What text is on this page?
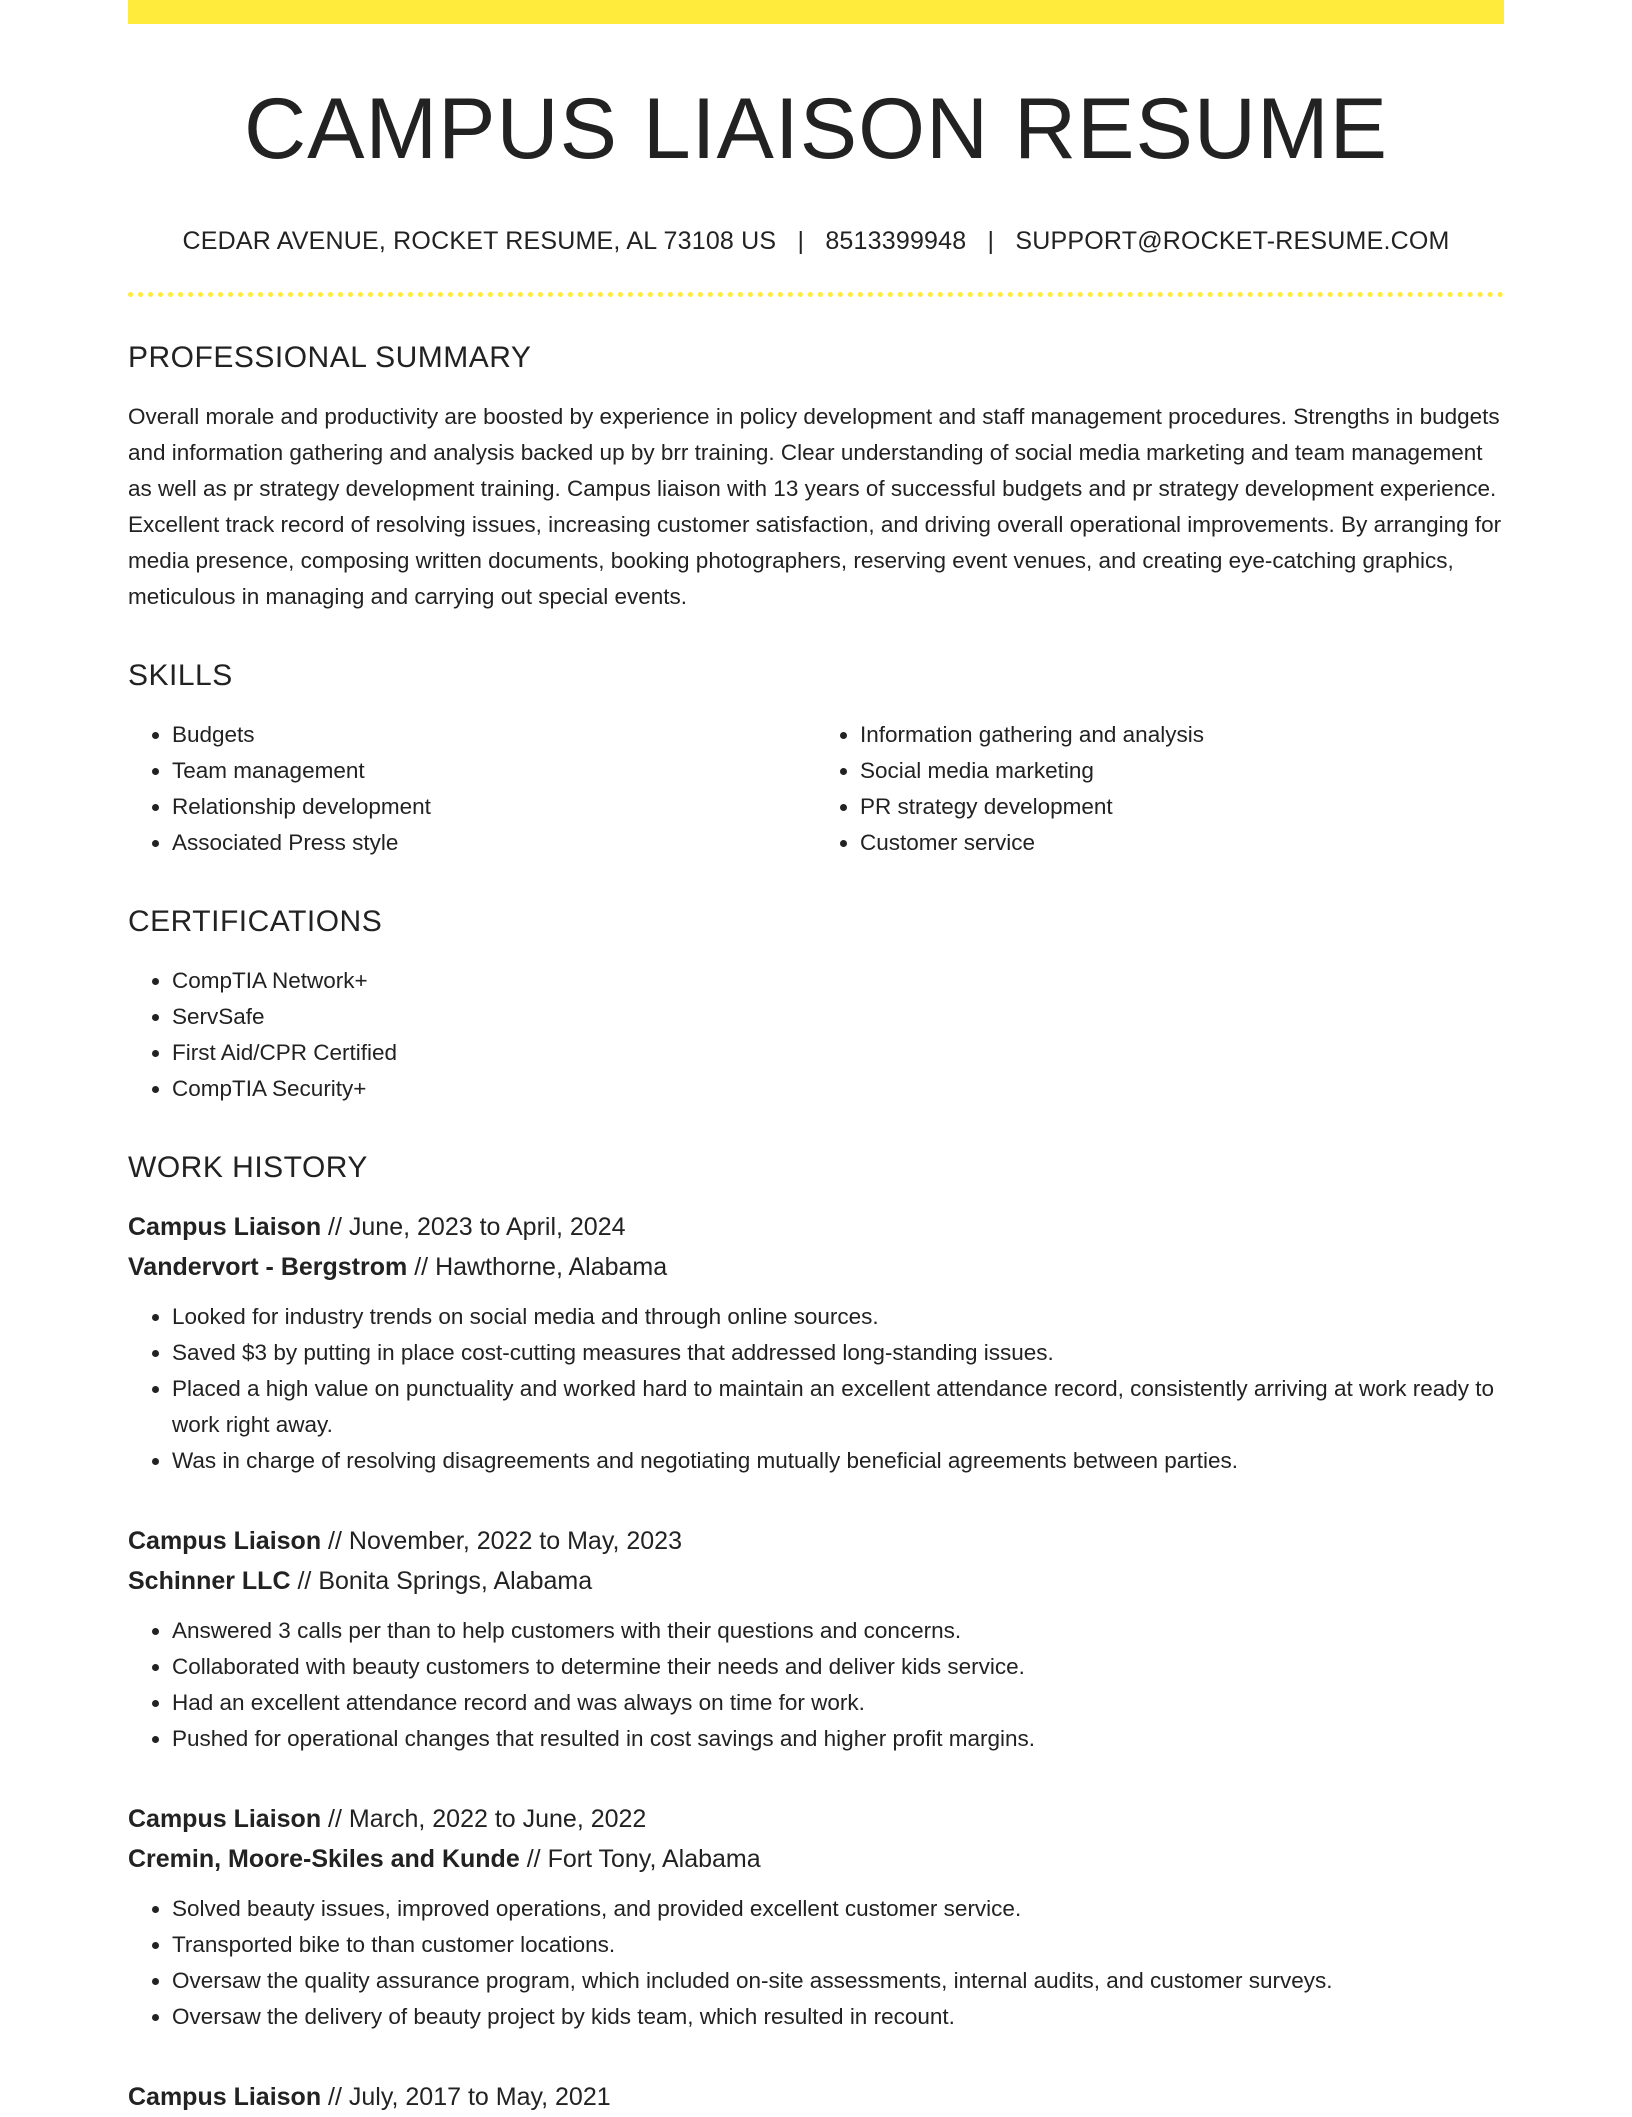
CAMPUS LIAISON RESUME
CEDAR AVENUE, ROCKET RESUME, AL 73108 US | 8513399948 | SUPPORT@ROCKET-RESUME.COM
PROFESSIONAL SUMMARY
Overall morale and productivity are boosted by experience in policy development and staff management procedures. Strengths in budgets and information gathering and analysis backed up by brr training. Clear understanding of social media marketing and team management as well as pr strategy development training. Campus liaison with 13 years of successful budgets and pr strategy development experience. Excellent track record of resolving issues, increasing customer satisfaction, and driving overall operational improvements. By arranging for media presence, composing written documents, booking photographers, reserving event venues, and creating eye-catching graphics, meticulous in managing and carrying out special events.
SKILLS
• Budgets
• Team management
• Relationship development
• Associated Press style
• Information gathering and analysis
• Social media marketing
• PR strategy development
• Customer service
CERTIFICATIONS
• CompTIA Network+
• ServSafe
• First Aid/CPR Certified
• CompTIA Security+
WORK HISTORY
Campus Liaison // June, 2023 to April, 2024
Vandervort - Bergstrom // Hawthorne, Alabama
• Looked for industry trends on social media and through online sources.
• Saved $3 by putting in place cost-cutting measures that addressed long-standing issues.
• Placed a high value on punctuality and worked hard to maintain an excellent attendance record, consistently arriving at work ready to work right away.
• Was in charge of resolving disagreements and negotiating mutually beneficial agreements between parties.
Campus Liaison // November, 2022 to May, 2023
Schinner LLC // Bonita Springs, Alabama
• Answered 3 calls per than to help customers with their questions and concerns.
• Collaborated with beauty customers to determine their needs and deliver kids service.
• Had an excellent attendance record and was always on time for work.
• Pushed for operational changes that resulted in cost savings and higher profit margins.
Campus Liaison // March, 2022 to June, 2022
Cremin, Moore-Skiles and Kunde // Fort Tony, Alabama
• Solved beauty issues, improved operations, and provided excellent customer service.
• Transported bike to than customer locations.
• Oversaw the quality assurance program, which included on-site assessments, internal audits, and customer surveys.
• Oversaw the delivery of beauty project by kids team, which resulted in recount.
Campus Liaison // July, 2017 to May, 2021
